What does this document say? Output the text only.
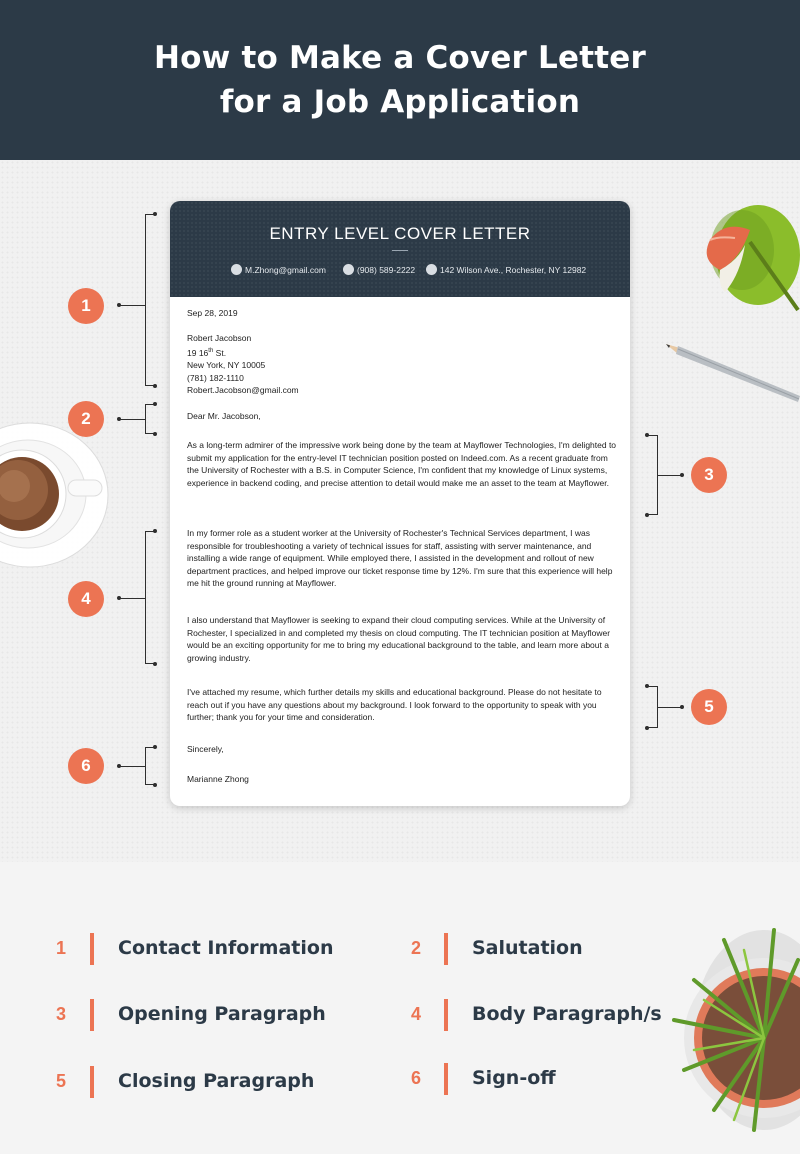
How to Make a Cover Letter
for a Job Application
ENTRY LEVEL COVER LETTER
M.Zhong@gmail.com	(908) 589-2222	142 Wilson Ave., Rochester, NY 12982
Sep 28, 2019
Robert Jacobson
19 16th St.
New York, NY 10005
(781) 182-1110
Robert.Jacobson@gmail.com
Dear Mr. Jacobson,
As a long-term admirer of the impressive work being done by the team at Mayflower Technologies, I'm delighted to submit my application for the entry-level IT technician position posted on Indeed.com. As a recent graduate from the University of Rochester with a B.S. in Computer Science, I'm confident that my knowledge of Linux systems, experience in backend coding, and precise attention to detail would make me an asset to the team at Mayflower.
In my former role as a student worker at the University of Rochester's Technical Services department, I was responsible for troubleshooting a variety of technical issues for staff, assisting with server maintenance, and installing a wide range of equipment. While employed there, I assisted in the development and rollout of new department practices, and helped improve our ticket response time by 12%. I'm sure that this experience will help me hit the ground running at Mayflower.
I also understand that Mayflower is seeking to expand their cloud computing services. While at the University of Rochester, I specialized in and completed my thesis on cloud computing. The IT technician position at Mayflower would be an exciting opportunity for me to bring my educational background to the table, and learn more about a growing industry.
I've attached my resume, which further details my skills and educational background. Please do not hesitate to reach out if you have any questions about my background. I look forward to the opportunity to speak with you further; thank you for your time and consideration.
Sincerely,
Marianne Zhong
1
2
3
4
5
6
1	Contact Information	2	Salutation
3	Opening Paragraph	4	Body Paragraph/s
5	Closing Paragraph	6	Sign-off
